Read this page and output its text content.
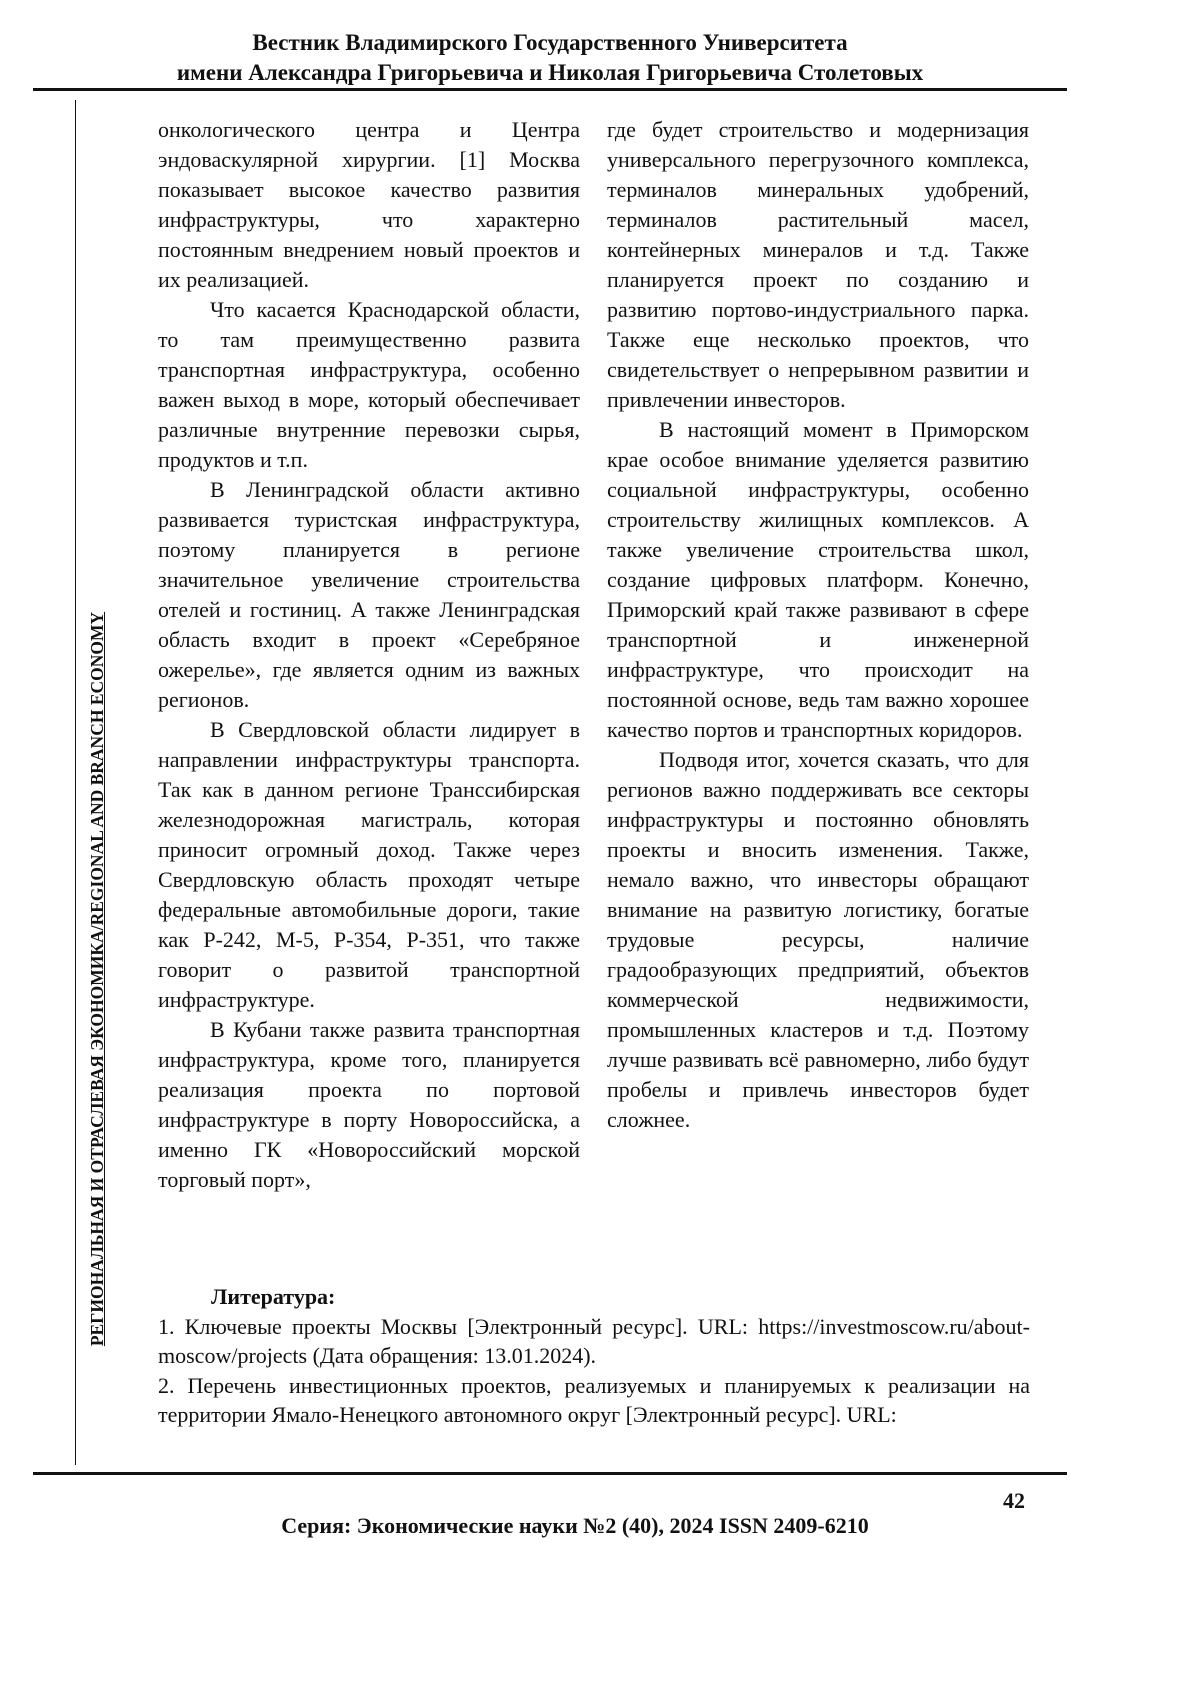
Вестник Владимирского Государственного Университета
имени Александра Григорьевича и Николая Григорьевича Столетовых
РЕГИОНАЛЬНАЯ И ОТРАСЛЕВАЯ ЭКОНОМИКА/REGIONAL AND BRANCH ECONOMY

онкологического центра и Центра эндоваскулярной хирургии. [1] Москва показывает высокое качество развития инфраструктуры, что характерно постоянным внедрением новый проектов и их реализацией.

Что касается Краснодарской области, то там преимущественно развита транспортная инфраструктура, особенно важен выход в море, который обеспечивает различные внутренние перевозки сырья, продуктов и т.п.

В Ленинградской области активно развивается туристская инфраструктура, поэтому планируется в регионе значительное увеличение строительства отелей и гостиниц. А также Ленинградская область входит в проект «Серебряное ожерелье», где является одним из важных регионов.

В Свердловской области лидирует в направлении инфраструктуры транспорта. Так как в данном регионе Транссибирская железнодорожная магистраль, которая приносит огромный доход. Также через Свердловскую область проходят четыре федеральные автомобильные дороги, такие как Р-242, М-5, Р-354, Р-351, что также говорит о развитой транспортной инфраструктуре.

В Кубани также развита транспортная инфраструктура, кроме того, планируется реализация проекта по портовой инфраструктуре в порту Новороссийска, а именно ГК «Новороссийский морской торговый порт»,

где будет строительство и модернизация универсального перегрузочного комплекса, терминалов минеральных удобрений, терминалов растительный масел, контейнерных минералов и т.д. Также планируется проект по созданию и развитию портово-индустриального парка. Также еще несколько проектов, что свидетельствует о непрерывном развитии и привлечении инвесторов.

В настоящий момент в Приморском крае особое внимание уделяется развитию социальной инфраструктуры, особенно строительству жилищных комплексов. А также увеличение строительства школ, создание цифровых платформ. Конечно, Приморский край также развивают в сфере транспортной и инженерной инфраструктуре, что происходит на постоянной основе, ведь там важно хорошее качество портов и транспортных коридоров.

Подводя итог, хочется сказать, что для регионов важно поддерживать все секторы инфраструктуры и постоянно обновлять проекты и вносить изменения. Также, немало важно, что инвесторы обращают внимание на развитую логистику, богатые трудовые ресурсы, наличие градообразующих предприятий, объектов коммерческой недвижимости, промышленных кластеров и т.д. Поэтому лучше развивать всё равномерно, либо будут пробелы и привлечь инвесторов будет сложнее.

Литература:

1. Ключевые проекты Москвы [Электронный ресурс]. URL: https://investmoscow.ru/about-moscow/projects (Дата обращения: 13.01.2024).

2. Перечень инвестиционных проектов, реализуемых и планируемых к реализации на территории Ямало-Ненецкого автономного округ [Электронный ресурс]. URL:

42
Серия: Экономические науки №2 (40), 2024 ISSN 2409-6210
